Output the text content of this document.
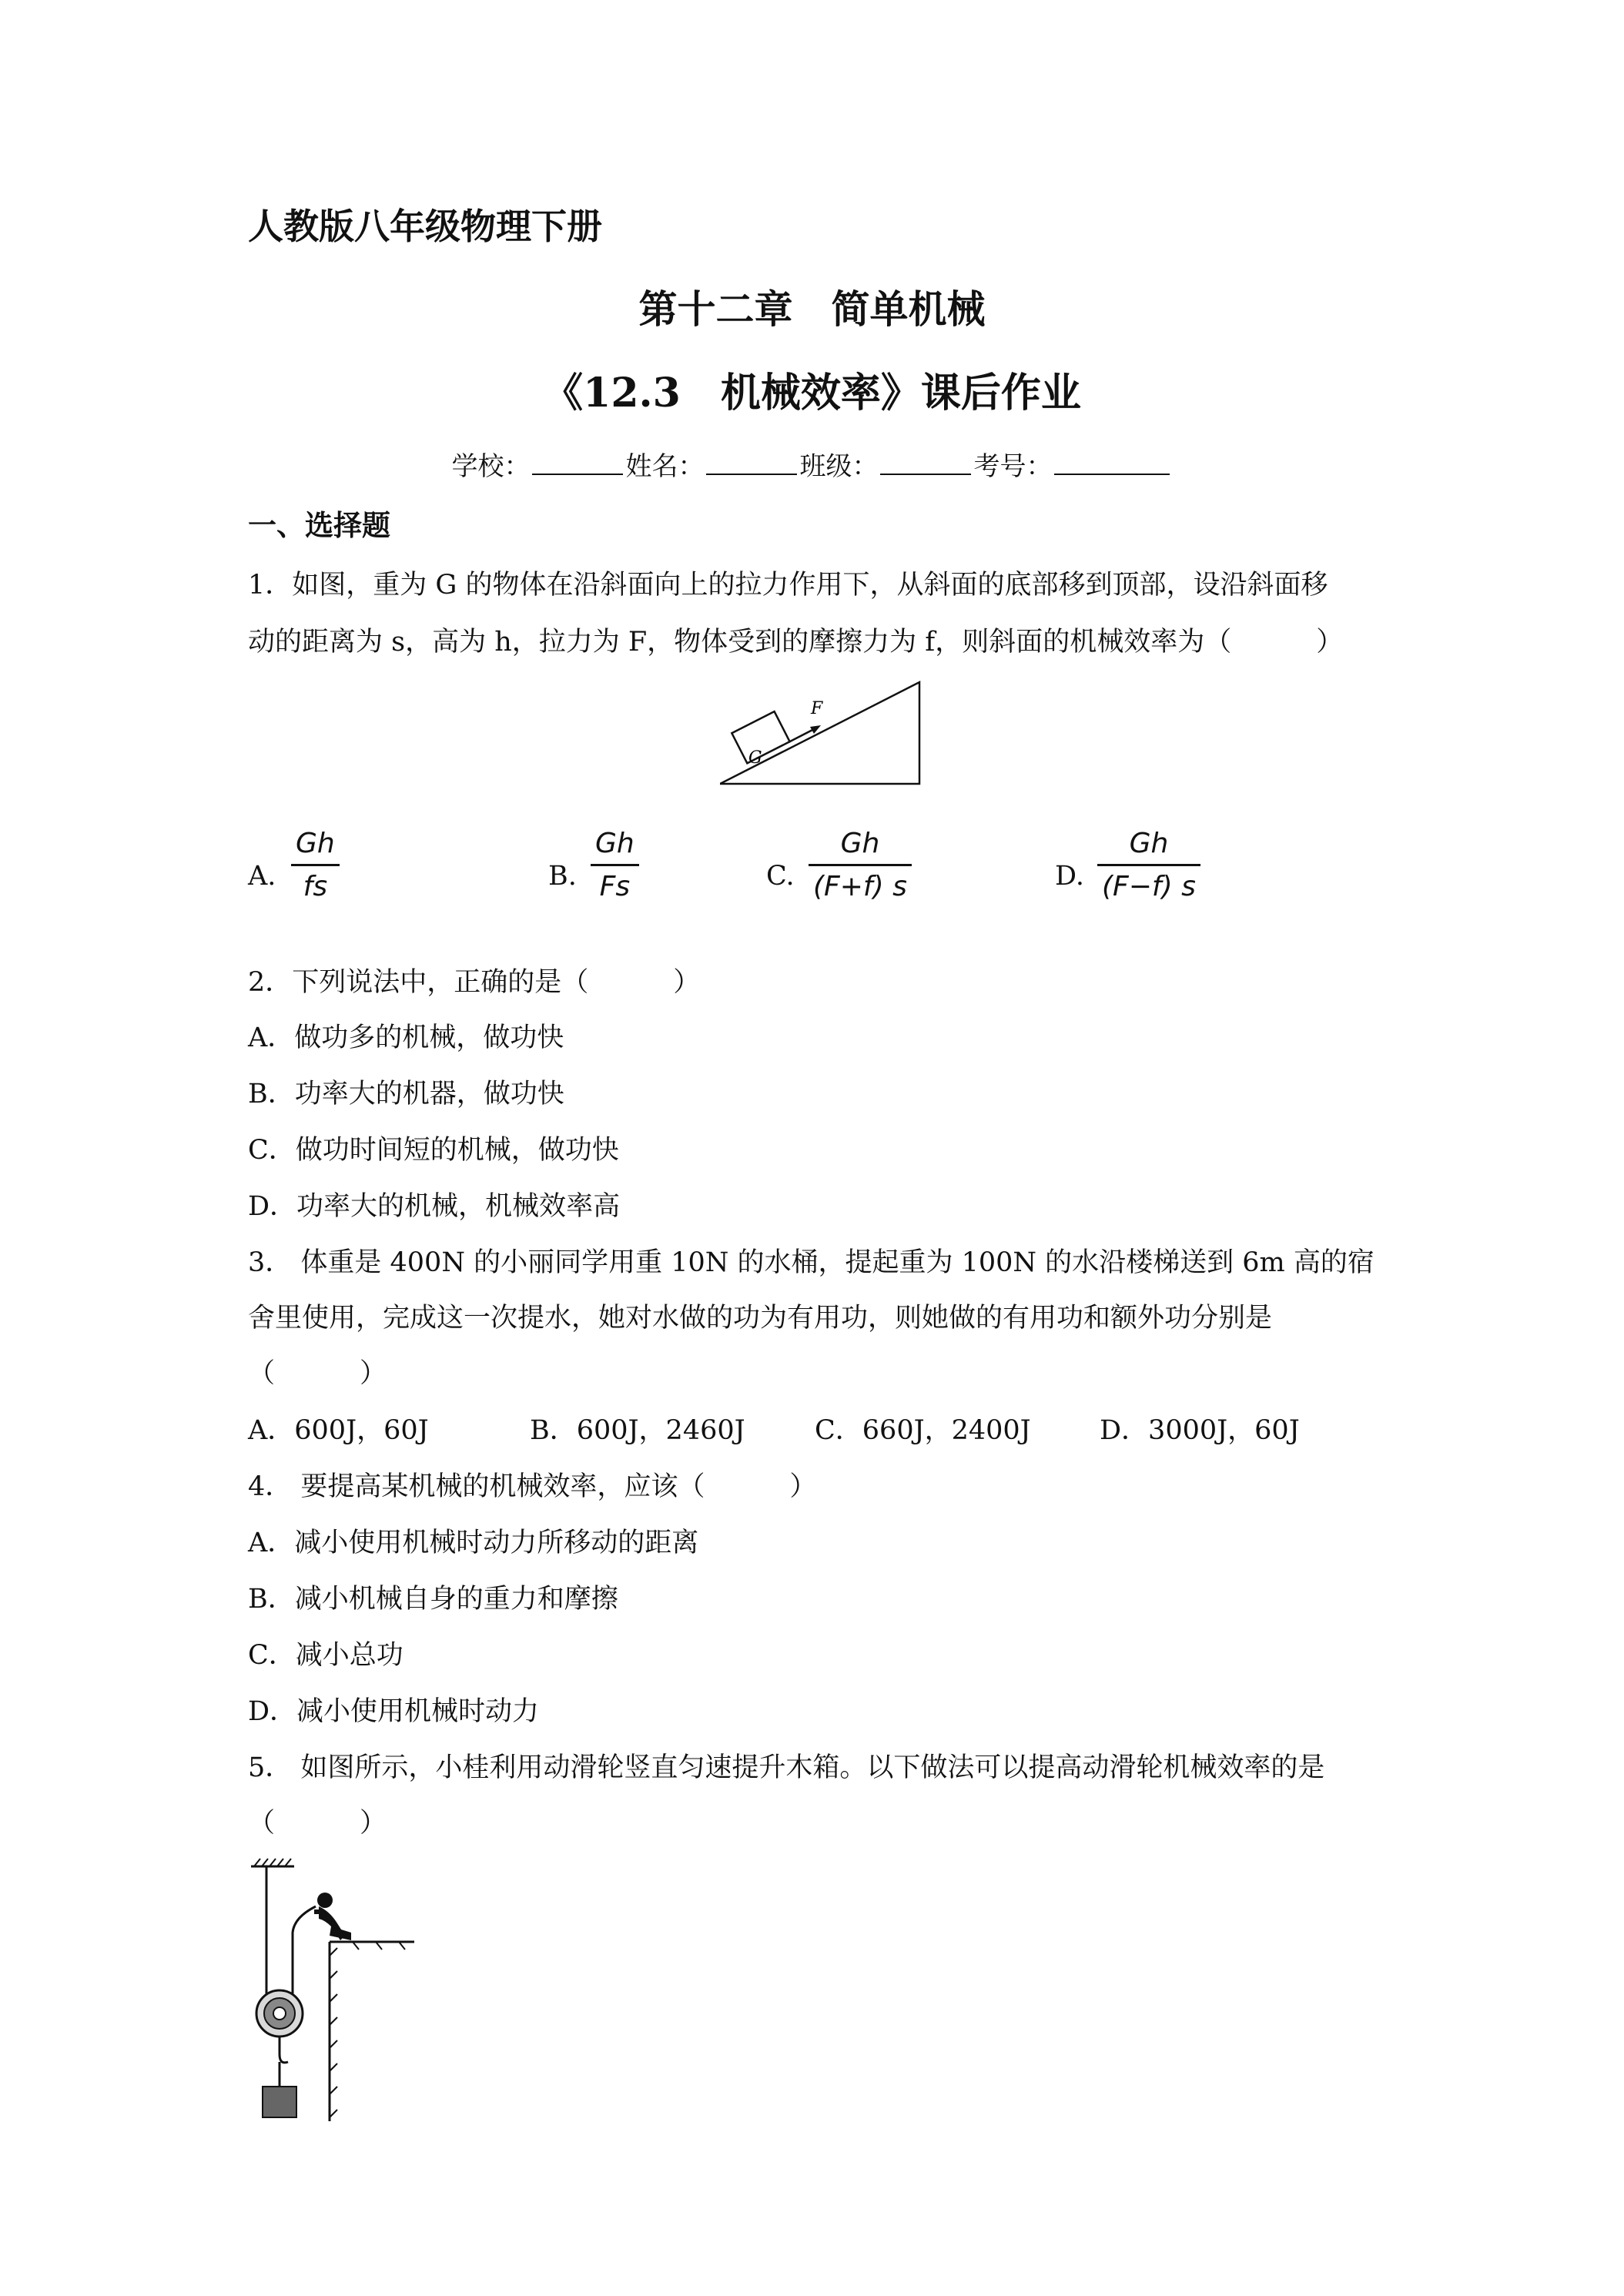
人教版八年级物理下册
第十二章　简单机械
《12.3　机械效率》课后作业
学校：	姓名：	班级：	考号：
一、选择题
1．如图，重为 G 的物体在沿斜面向上的拉力作用下，从斜面的底部移到顶部，设沿斜面移
动的距离为 s，高为 h，拉力为 F，物体受到的摩擦力为 f，则斜面的机械效率为（	）
G
F
A.
Gh
fs	B.
Gh
Fs	C.
Gh
(F+f) s	D.
Gh
(F−f) s
2．下列说法中，正确的是（	）
A．做功多的机械，做功快
B．功率大的机器，做功快
C．做功时间短的机械，做功快
D．功率大的机械，机械效率高
3． 体重是 400N 的小丽同学用重 10N 的水桶，提起重为 100N 的水沿楼梯送到 6m 高的宿
舍里使用，完成这一次提水，她对水做的功为有用功，则她做的有用功和额外功分别是
（	）
A．600J，60J	B．600J，2460J	C．660J，2400J	D．3000J，60J
4． 要提高某机械的机械效率，应该（	）
A．减小使用机械时动力所移动的距离
B．减小机械自身的重力和摩擦
C．减小总功
D．减小使用机械时动力
5． 如图所示，小桂利用动滑轮竖直匀速提升木箱。以下做法可以提高动滑轮机械效率的是
（	）
